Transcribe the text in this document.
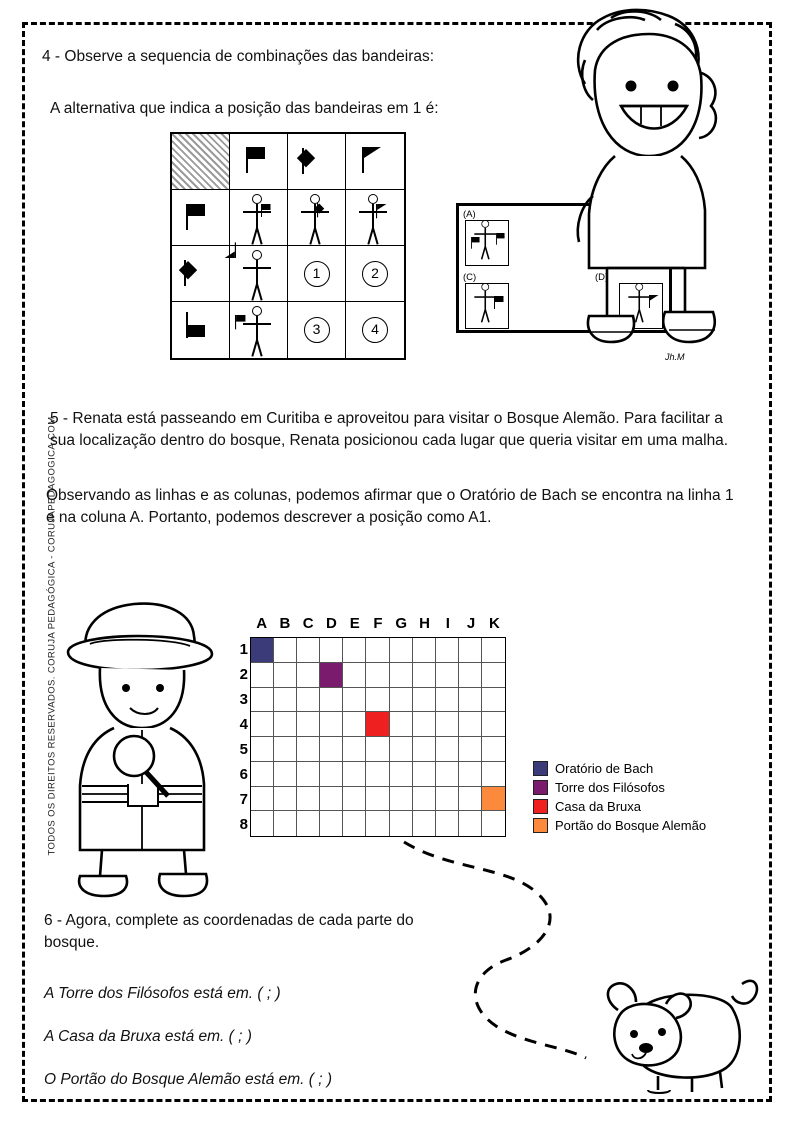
TODOS OS DIREITOS RESERVADOS. CORUJA PEDAGÓGICA - CORUJAPEDAGOGICA.COM
4 - Observe a sequencia de combinações das bandeiras:
A alternativa que indica a posição das bandeiras em 1 é:
1	2
3	4
(A)
(C)	(D)
Jh.M
5 - Renata está passeando em Curitiba e aproveitou para visitar o Bosque Alemão. Para facilitar a sua localização dentro do bosque, Renata posicionou cada lugar que queria visitar em uma malha.
Observando as linhas e as colunas, podemos afirmar que o Oratório de Bach se encontra na linha 1 e na coluna A. Portanto, podemos descrever a posição como A1.
A B C D E F G H	I	J K
1
2
3
4
5
6
7
8
Oratório de Bach
Torre dos Filósofos
Casa da Bruxa
Portão do Bosque Alemão
6 - Agora, complete as coordenadas de cada parte do bosque.
A Torre dos Filósofos está em. ( ; )
A Casa da Bruxa está em. ( ; )
O Portão do Bosque Alemão está em. ( ; )
